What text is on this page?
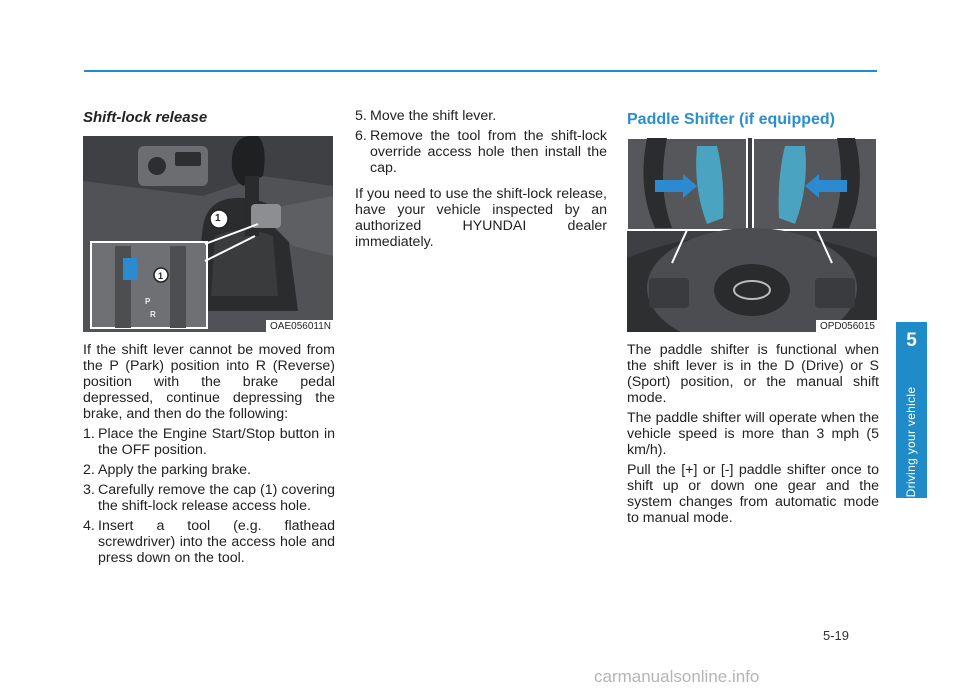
Shift-lock release
1
1
P
R
OAE056011N

If the shift lever cannot be moved from the P (Park) position into R (Reverse) position with the brake pedal depressed, continue depressing the brake, and then do the following:

1. Place the Engine Start/Stop button in the OFF position.
2. Apply the parking brake.
3. Carefully remove the cap (1) covering the shift-lock release access hole.
4. Insert a tool (e.g. flathead screwdriver) into the access hole and press down on the tool.
5. Move the shift lever.
6. Remove the tool from the shift-lock override access hole then install the cap.

If you need to use the shift-lock release, have your vehicle inspected by an authorized HYUNDAI dealer immediately.

Paddle Shifter (if equipped)
OPD056015

The paddle shifter is functional when the shift lever is in the D (Drive) or S (Sport) position, or the manual shift mode.

The paddle shifter will operate when the vehicle speed is more than 3 mph (5 km/h).

Pull the [+] or [-] paddle shifter once to shift up or down one gear and the system changes from automatic mode to manual mode.

5
Driving your vehicle
5-19
carmanualsonline.info
